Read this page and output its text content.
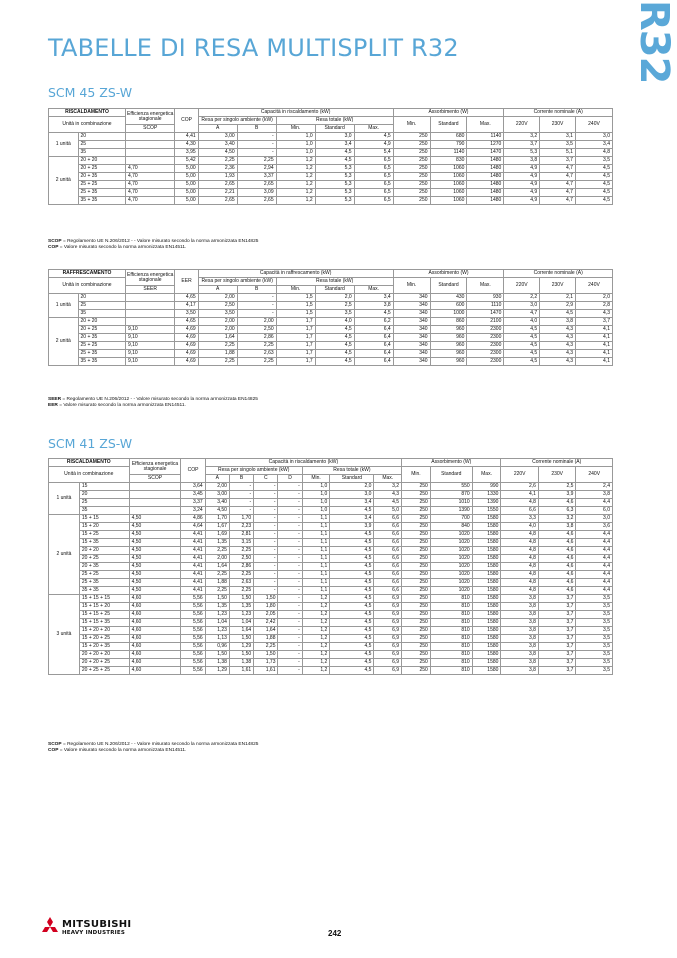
R32
TABELLE DI RESA MULTISPLIT R32
SCM 45 ZS-W
RISCALDAMENTO		Efficienza energetica stagionale	COP	Capacità in riscaldamento (kW)					Assorbimento (W)			Corrente nominale (A)		
Unità in combinazione				Resa per singolo ambiente (kW)		Resa totale (kW)			Min.	Standard	Max.	220V	230V	240V
		SCOP		A	B	Min.	Standard	Max.						
1 unità	20		4,41	3,00	-	1,0	3,0	4,5	250	680	1140	3,2	3,1	3,0
	25		4,30	3,40	-	1,0	3,4	4,9	250	790	1270	3,7	3,5	3,4
	35		3,95	4,50	-	1,0	4,5	5,4	250	1140	1470	5,3	5,1	4,8
2 unità	20 + 20		5,42	2,25	2,25	1,2	4,5	6,5	250	830	1480	3,8	3,7	3,5
	20 + 25	4,70	5,00	2,36	2,94	1,2	5,3	6,5	250	1060	1480	4,9	4,7	4,5
	20 + 35	4,70	5,00	1,93	3,37	1,2	5,3	6,5	250	1060	1480	4,9	4,7	4,5
	25 + 25	4,70	5,00	2,65	2,65	1,2	5,3	6,5	250	1060	1480	4,9	4,7	4,5
	25 + 35	4,70	5,00	2,21	3,09	1,2	5,3	6,5	250	1060	1480	4,9	4,7	4,5
	35 + 35	4,70	5,00	2,65	2,65	1,2	5,3	6,5	250	1060	1480	4,9	4,7	4,5
SCOP = Regolamento UE N.206/2012 - - Valore misurato secondo la norma armonizzata EN14825
COP = Valore misurato secondo la norma armonizzata EN14511.
RAFFRESCAMENTO		Efficienza energetica stagionale	EER	Capacità in raffrescamento (kW)					Assorbimento (W)			Corrente nominale (A)		
Unità in combinazione				Resa per singolo ambiente (kW)		Resa totale (kW)			Min.	Standard	Max.	220V	230V	240V
		SEER		A	B	Min.	Standard	Max.						
1 unità	20		4,65	2,00	-	1,5	2,0	3,4	340	430	930	2,2	2,1	2,0
	25		4,17	2,50	-	1,5	2,5	3,8	340	600	1110	3,0	2,9	2,8
	35		3,50	3,50	-	1,5	3,5	4,5	340	1000	1470	4,7	4,5	4,3
2 unità	20 + 20		4,65	2,00	2,00	1,7	4,0	6,2	340	860	2100	4,0	3,8	3,7
	20 + 25	9,10	4,69	2,00	2,50	1,7	4,5	6,4	340	960	2300	4,5	4,3	4,1
	20 + 35	9,10	4,69	1,64	2,86	1,7	4,5	6,4	340	960	2300	4,5	4,3	4,1
	25 + 25	9,10	4,69	2,25	2,25	1,7	4,5	6,4	340	960	2300	4,5	4,3	4,1
	25 + 35	9,10	4,69	1,88	2,63	1,7	4,5	6,4	340	960	2300	4,5	4,3	4,1
	35 + 35	9,10	4,69	2,25	2,25	1,7	4,5	6,4	340	960	2300	4,5	4,3	4,1
SEER = Regolamento UE N.206/2012 - - Valore misurato secondo la norma armonizzata EN14825
EER = Valore misurato secondo la norma armonizzata EN14511.
SCM 41 ZS-W
RISCALDAMENTO		Efficienza energetica stagionale	COP	Capacità in riscaldamento (kW)							Assorbimento (W)			Corrente nominale (A)		
Unità in combinazione				Resa per singolo ambiente (kW)				Resa totale (kW)			Min.	Standard	Max.	220V	230V	240V
		SCOP		A	B	C	D	Min.	Standard	Max.						
1 unità	15		3,64	2,00	-	-	-	1,0	2,0	3,2	250	550	990	2,6	2,5	2,4
	20		3,45	3,00	-	-	-	1,0	3,0	4,3	250	870	1330	4,1	3,9	3,8
	25		3,37	3,40	-	-	-	1,0	3,4	4,5	250	1010	1390	4,8	4,6	4,4
	35		3,24	4,50	-	-	-	1,0	4,5	5,0	250	1390	1550	6,6	6,3	6,0
2 unità	15 + 15	4,50	4,86	1,70	1,70	-	-	1,1	3,4	6,6	250	700	1580	3,3	3,2	3,0
	15 + 20	4,50	4,64	1,67	2,23	-	-	1,1	3,9	6,6	250	840	1580	4,0	3,8	3,6
	15 + 25	4,50	4,41	1,69	2,81	-	-	1,1	4,5	6,6	250	1020	1580	4,8	4,6	4,4
	15 + 35	4,50	4,41	1,35	3,15	-	-	1,1	4,5	6,6	250	1020	1580	4,8	4,6	4,4
	20 + 20	4,50	4,41	2,25	2,25	-	-	1,1	4,5	6,6	250	1020	1580	4,8	4,6	4,4
	20 + 25	4,50	4,41	2,00	2,50	-	-	1,1	4,5	6,6	250	1020	1580	4,8	4,6	4,4
	20 + 35	4,50	4,41	1,64	2,86	-	-	1,1	4,5	6,6	250	1020	1580	4,8	4,6	4,4
	25 + 25	4,50	4,41	2,25	2,25	-	-	1,1	4,5	6,6	250	1020	1580	4,8	4,6	4,4
	25 + 35	4,50	4,41	1,88	2,63	-	-	1,1	4,5	6,6	250	1020	1580	4,8	4,6	4,4
	35 + 35	4,50	4,41	2,25	2,25	-	-	1,1	4,5	6,6	250	1020	1580	4,8	4,6	4,4
3 unità	15 + 15 + 15	4,60	5,56	1,50	1,50	1,50	-	1,2	4,5	6,9	250	810	1580	3,8	3,7	3,5
	15 + 15 + 20	4,60	5,56	1,35	1,35	1,80	-	1,2	4,5	6,9	250	810	1580	3,8	3,7	3,5
	15 + 15 + 25	4,60	5,56	1,23	1,23	2,05	-	1,2	4,5	6,9	250	810	1580	3,8	3,7	3,5
	15 + 15 + 35	4,60	5,56	1,04	1,04	2,42	-	1,2	4,5	6,9	250	810	1580	3,8	3,7	3,5
	15 + 20 + 20	4,60	5,56	1,23	1,64	1,64	-	1,2	4,5	6,9	250	810	1580	3,8	3,7	3,5
	15 + 20 + 25	4,60	5,56	1,13	1,50	1,88	-	1,2	4,5	6,9	250	810	1580	3,8	3,7	3,5
	15 + 20 + 35	4,60	5,56	0,96	1,29	2,25	-	1,2	4,5	6,9	250	810	1580	3,8	3,7	3,5
	20 + 20 + 20	4,60	5,56	1,50	1,50	1,50	-	1,2	4,5	6,9	250	810	1580	3,8	3,7	3,5
	20 + 20 + 25	4,60	5,56	1,38	1,38	1,73	-	1,2	4,5	6,9	250	810	1580	3,8	3,7	3,5
	20 + 25 + 25	4,60	5,56	1,29	1,61	1,61	-	1,2	4,5	6,9	250	810	1580	3,8	3,7	3,5
SCOP = Regolamento UE N.206/2012 - - Valore misurato secondo la norma armonizzata EN14825
COP = Valore misurato secondo la norma armonizzata EN14511.
MITSUBISHI
HEAVY INDUSTRIES	242
